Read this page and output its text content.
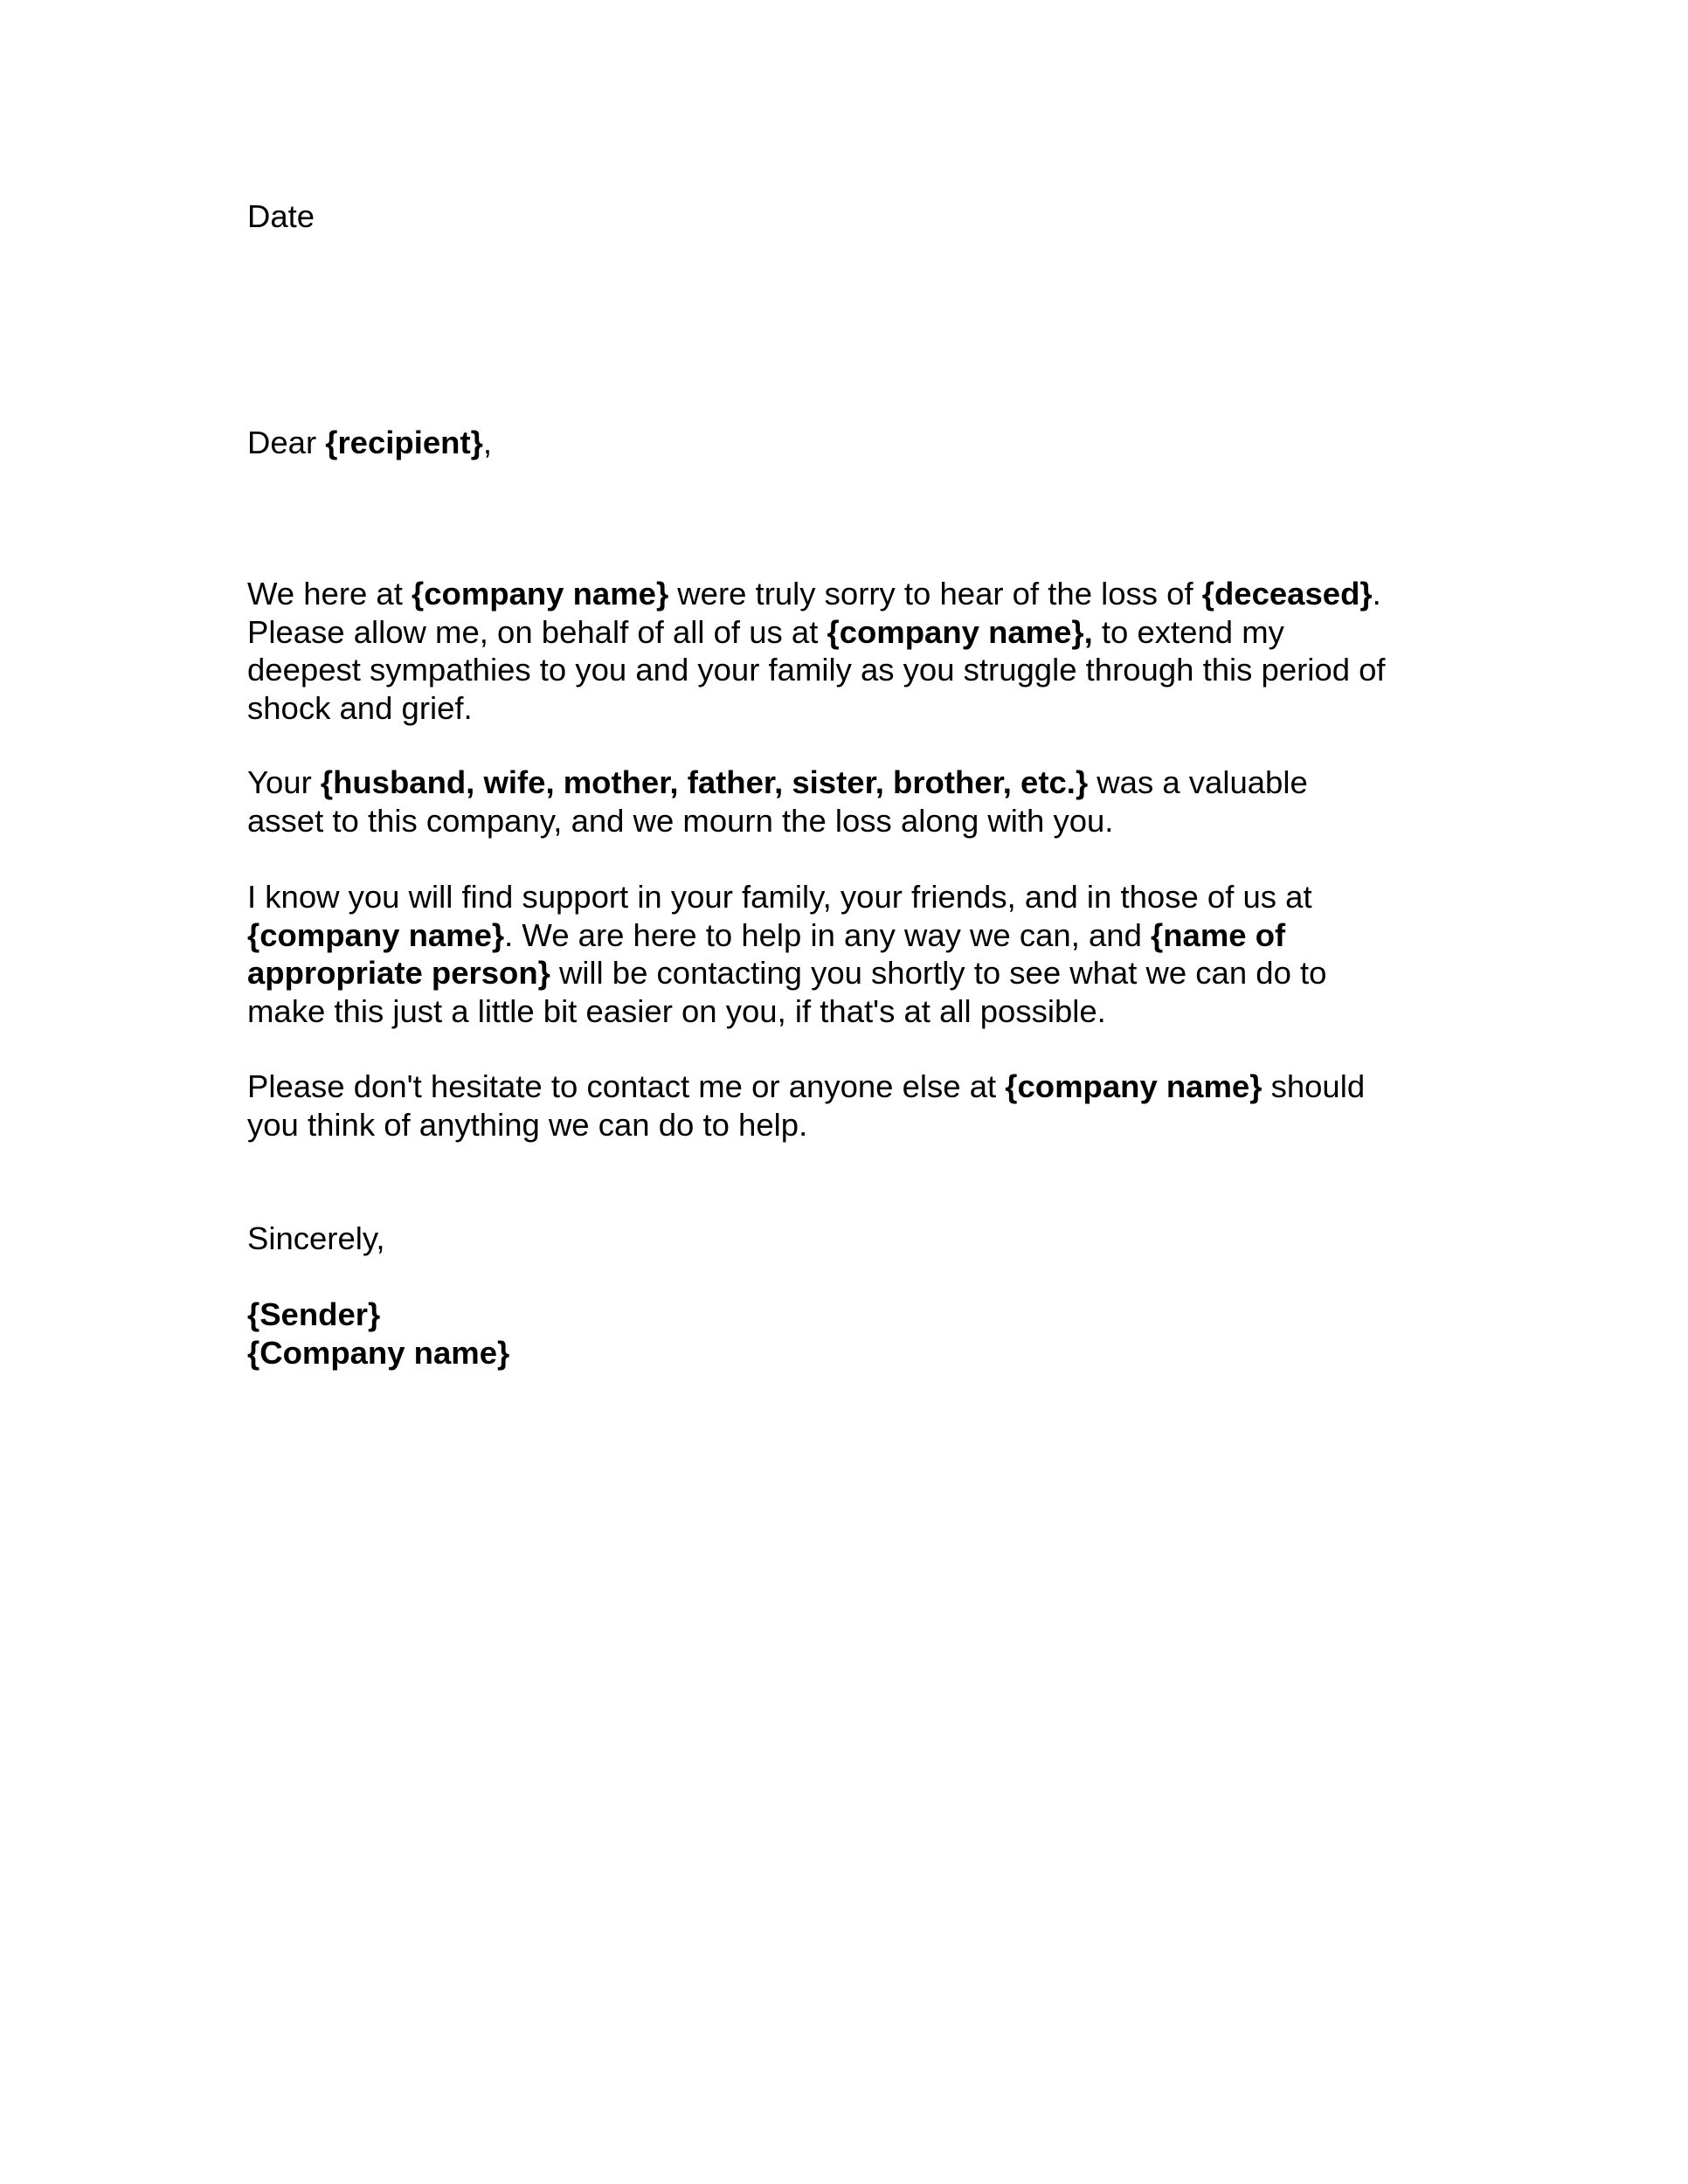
Date
Dear {recipient},
We here at {company name} were truly sorry to hear of the loss of {deceased}.
Please allow me, on behalf of all of us at {company name}, to extend my
deepest sympathies to you and your family as you struggle through this period of
shock and grief.
Your {husband, wife, mother, father, sister, brother, etc.} was a valuable
asset to this company, and we mourn the loss along with you.
I know you will find support in your family, your friends, and in those of us at
{company name}. We are here to help in any way we can, and {name of
appropriate person} will be contacting you shortly to see what we can do to
make this just a little bit easier on you, if that's at all possible.
Please don't hesitate to contact me or anyone else at {company name} should
you think of anything we can do to help.
Sincerely,
{Sender}
{Company name}
